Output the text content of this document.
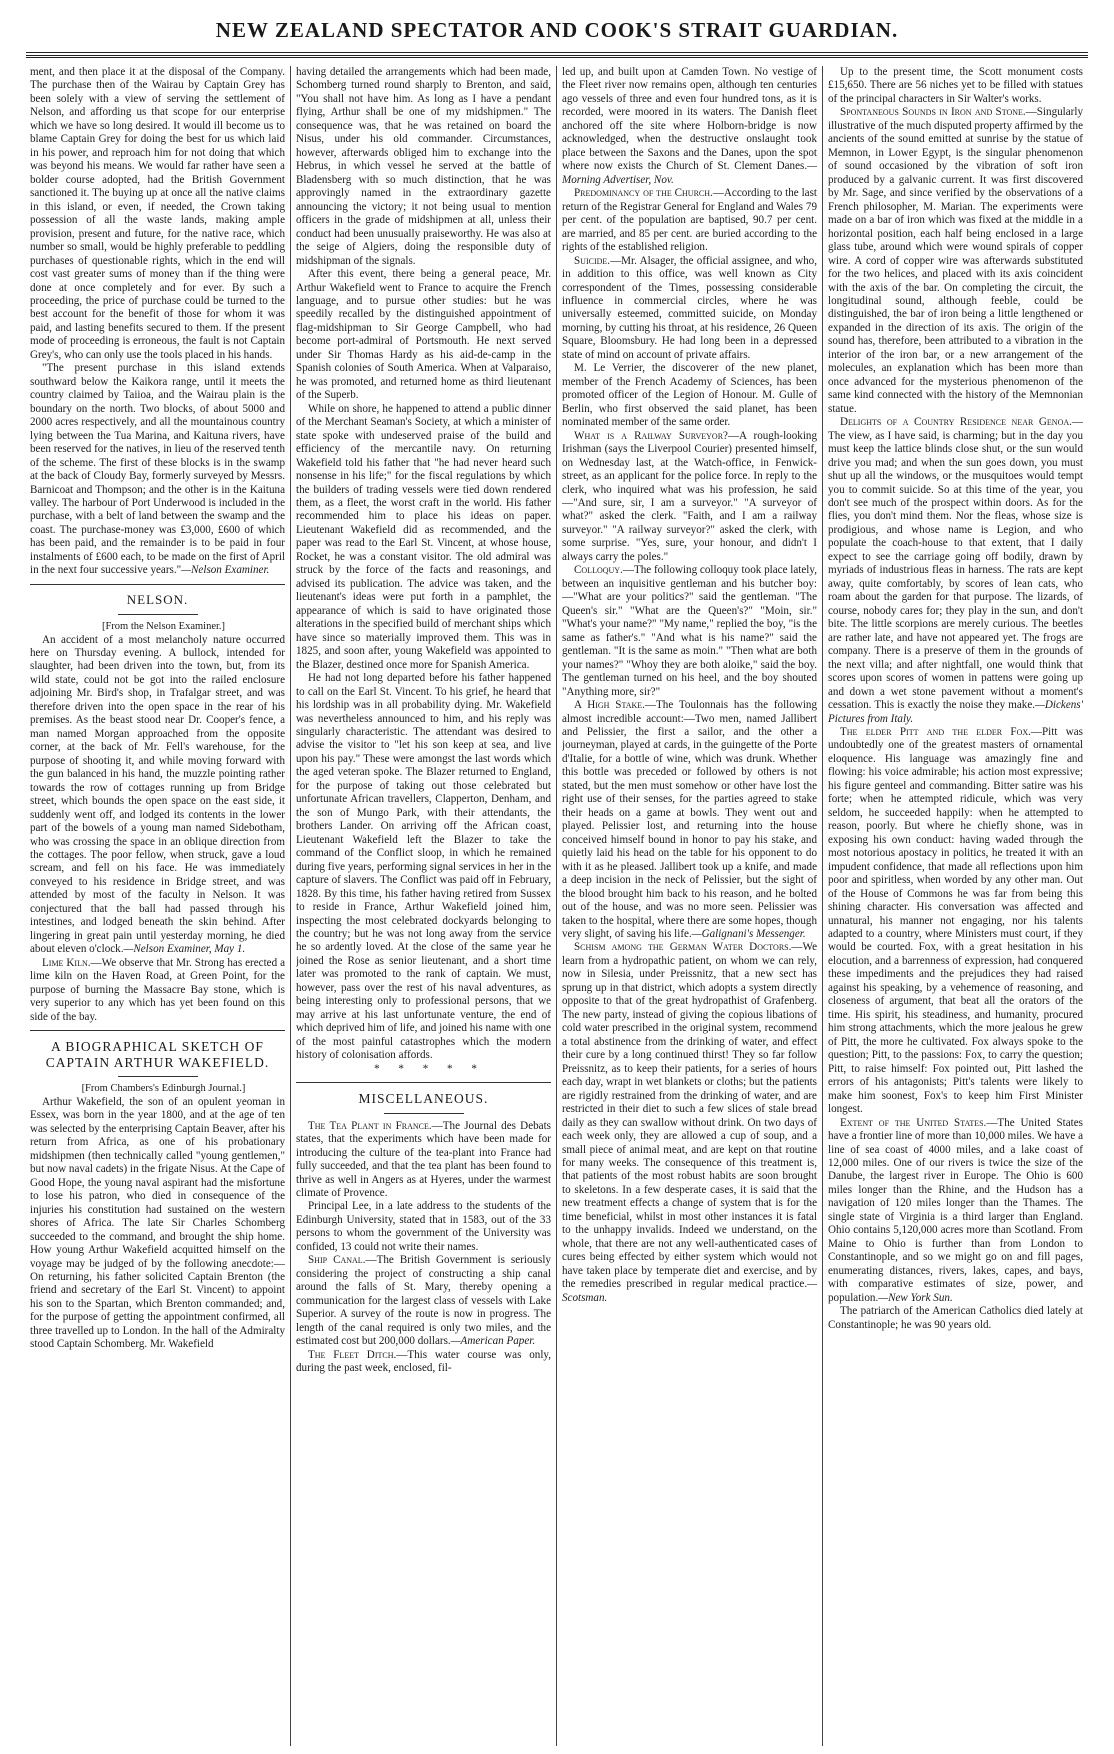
NEW ZEALAND SPECTATOR AND COOK'S STRAIT GUARDIAN.

ment, and then place it at the disposal of the Company. The purchase then of the Wairau by Captain Grey has been solely with a view of serving the settlement of Nelson, and affording us that scope for our enterprise which we have so long desired. It would ill become us to blame Captain Grey for doing the best for us which laid in his power, and reproach him for not doing that which was beyond his means. We would far rather have seen a bolder course adopted, had the British Government sanctioned it. The buying up at once all the native claims in this island, or even, if needed, the Crown taking possession of all the waste lands, making ample provision, present and future, for the native race, which number so small, would be highly preferable to peddling purchases of questionable rights, which in the end will cost vast greater sums of money than if the thing were done at once completely and for ever. By such a proceeding, the price of purchase could be turned to the best account for the benefit of those for whom it was paid, and lasting benefits secured to them. If the present mode of proceeding is erroneous, the fault is not Captain Grey's, who can only use the tools placed in his hands.

"The present purchase in this island extends southward below the Kaikora range, until it meets the country claimed by Taiioa, and the Wairau plain is the boundary on the north. Two blocks, of about 5000 and 2000 acres respectively, and all the mountainous country lying between the Tua Marina, and Kaituna rivers, have been reserved for the natives, in lieu of the reserved tenth of the scheme. The first of these blocks is in the swamp at the back of Cloudy Bay, formerly surveyed by Messrs. Barnicoat and Thompson; and the other is in the Kaituna valley. The harbour of Port Underwood is included in the purchase, with a belt of land between the swamp and the coast. The purchase-money was £3,000, £600 of which has been paid, and the remainder is to be paid in four instalments of £600 each, to be made on the first of April in the next four successive years."—Nelson Examiner.

NELSON.

[From the Nelson Examiner.]

An accident of a most melancholy nature occurred here on Thursday evening. A bullock, intended for slaughter, had been driven into the town, but, from its wild state, could not be got into the railed enclosure adjoining Mr. Bird's shop, in Trafalgar street, and was therefore driven into the open space in the rear of his premises. As the beast stood near Dr. Cooper's fence, a man named Morgan approached from the opposite corner, at the back of Mr. Fell's warehouse, for the purpose of shooting it, and while moving forward with the gun balanced in his hand, the muzzle pointing rather towards the row of cottages running up from Bridge street, which bounds the open space on the east side, it suddenly went off, and lodged its contents in the lower part of the bowels of a young man named Sidebotham, who was crossing the space in an oblique direction from the cottages. The poor fellow, when struck, gave a loud scream, and fell on his face. He was immediately conveyed to his residence in Bridge street, and was attended by most of the faculty in Nelson. It was conjectured that the ball had passed through his intestines, and lodged beneath the skin behind. After lingering in great pain until yesterday morning, he died about eleven o'clock.—Nelson Examiner, May 1.

Lime Kiln.—We observe that Mr. Strong has erected a lime kiln on the Haven Road, at Green Point, for the purpose of burning the Massacre Bay stone, which is very superior to any which has yet been found on this side of the bay.

A BIOGRAPHICAL SKETCH OF CAPTAIN ARTHUR WAKEFIELD.

[From Chambers's Edinburgh Journal.]

Arthur Wakefield, the son of an opulent yeoman in Essex, was born in the year 1800, and at the age of ten was selected by the enterprising Captain Beaver, after his return from Africa, as one of his probationary midshipmen (then technically called "young gentlemen," but now naval cadets) in the frigate Nisus. At the Cape of Good Hope, the young naval aspirant had the misfortune to lose his patron, who died in consequence of the injuries his constitution had sustained on the western shores of Africa. The late Sir Charles Schomberg succeeded to the command, and brought the ship home. How young Arthur Wakefield acquitted himself on the voyage may be judged of by the following anecdote:—On returning, his father solicited Captain Brenton (the friend and secretary of the Earl St. Vincent) to appoint his son to the Spartan, which Brenton commanded; and, for the purpose of getting the appointment confirmed, all three travelled up to London. In the hall of the Admiralty stood Captain Schomberg. Mr. Wakefield

having detailed the arrangements which had been made, Schomberg turned round sharply to Brenton, and said, "You shall not have him. As long as I have a pendant flying, Arthur shall be one of my midshipmen." The consequence was, that he was retained on board the Nisus, under his old commander. Circumstances, however, afterwards obliged him to exchange into the Hebrus, in which vessel he served at the battle of Bladensberg with so much distinction, that he was approvingly named in the extraordinary gazette announcing the victory; it not being usual to mention officers in the grade of midshipmen at all, unless their conduct had been unusually praiseworthy. He was also at the seige of Algiers, doing the responsible duty of midshipman of the signals.

After this event, there being a general peace, Mr. Arthur Wakefield went to France to acquire the French language, and to pursue other studies: but he was speedily recalled by the distinguished appointment of flag-midshipman to Sir George Campbell, who had become port-admiral of Portsmouth. He next served under Sir Thomas Hardy as his aid-de-camp in the Spanish colonies of South America. When at Valparaiso, he was promoted, and returned home as third lieutenant of the Superb.

While on shore, he happened to attend a public dinner of the Merchant Seaman's Society, at which a minister of state spoke with undeserved praise of the build and efficiency of the mercantile navy. On returning Wakefield told his father that "he had never heard such nonsense in his life;" for the fiscal regulations by which the builders of trading vessels were tied down rendered them, as a fleet, the worst craft in the world. His father recommended him to place his ideas on paper. Lieutenant Wakefield did as recommended, and the paper was read to the Earl St. Vincent, at whose house, Rocket, he was a constant visitor. The old admiral was struck by the force of the facts and reasonings, and advised its publication. The advice was taken, and the lieutenant's ideas were put forth in a pamphlet, the appearance of which is said to have originated those alterations in the specified build of merchant ships which have since so materially improved them. This was in 1825, and soon after, young Wakefield was appointed to the Blazer, destined once more for Spanish America.

He had not long departed before his father happened to call on the Earl St. Vincent. To his grief, he heard that his lordship was in all probability dying. Mr. Wakefield was nevertheless announced to him, and his reply was singularly characteristic. The attendant was desired to advise the visitor to "let his son keep at sea, and live upon his pay." These were amongst the last words which the aged veteran spoke. The Blazer returned to England, for the purpose of taking out those celebrated but unfortunate African travellers, Clapperton, Denham, and the son of Mungo Park, with their attendants, the brothers Lander. On arriving off the African coast, Lieutenant Wakefield left the Blazer to take the command of the Conflict sloop, in which he remained during five years, performing signal services in her in the capture of slavers. The Conflict was paid off in February, 1828. By this time, his father having retired from Sussex to reside in France, Arthur Wakefield joined him, inspecting the most celebrated dockyards belonging to the country; but he was not long away from the service he so ardently loved. At the close of the same year he joined the Rose as senior lieutenant, and a short time later was promoted to the rank of captain. We must, however, pass over the rest of his naval adventures, as being interesting only to professional persons, that we may arrive at his last unfortunate venture, the end of which deprived him of life, and joined his name with one of the most painful catastrophes which the modern history of colonisation affords.

* * * * *

MISCELLANEOUS.

The Tea Plant in France.—The Journal des Debats states, that the experiments which have been made for introducing the culture of the tea-plant into France had fully succeeded, and that the tea plant has been found to thrive as well in Angers as at Hyeres, under the warmest climate of Provence.

Principal Lee, in a late address to the students of the Edinburgh University, stated that in 1583, out of the 33 persons to whom the government of the University was confided, 13 could not write their names.

Ship Canal.—The British Government is seriously considering the project of constructing a ship canal around the falls of St. Mary, thereby opening a communication for the largest class of vessels with Lake Superior. A survey of the route is now in progress. The length of the canal required is only two miles, and the estimated cost but 200,000 dollars.—American Paper.

The Fleet Ditch.—This water course was only, during the past week, enclosed, fil-

led up, and built upon at Camden Town. No vestige of the Fleet river now remains open, although ten centuries ago vessels of three and even four hundred tons, as it is recorded, were moored in its waters. The Danish fleet anchored off the site where Holborn-bridge is now acknowledged, when the destructive onslaught took place between the Saxons and the Danes, upon the spot where now exists the Church of St. Clement Danes.—Morning Advertiser, Nov.

Predominancy of the Church.—According to the last return of the Registrar General for England and Wales 79 per cent. of the population are baptised, 90.7 per cent. are married, and 85 per cent. are buried according to the rights of the established religion.

Suicide.—Mr. Alsager, the official assignee, and who, in addition to this office, was well known as City correspondent of the Times, possessing considerable influence in commercial circles, where he was universally esteemed, committed suicide, on Monday morning, by cutting his throat, at his residence, 26 Queen Square, Bloomsbury. He had long been in a depressed state of mind on account of private affairs.

M. Le Verrier, the discoverer of the new planet, member of the French Academy of Sciences, has been promoted officer of the Legion of Honour. M. Gulle of Berlin, who first observed the said planet, has been nominated member of the same order.

What is a Railway Surveyor?—A rough-looking Irishman (says the Liverpool Courier) presented himself, on Wednesday last, at the Watch-office, in Fenwick-street, as an applicant for the police force. In reply to the clerk, who inquired what was his profession, he said—"And sure, sir, I am a surveyor." "A surveyor of what?" asked the clerk. "Faith, and I am a railway surveyor." "A railway surveyor?" asked the clerk, with some surprise. "Yes, sure, your honour, and didn't I always carry the poles."

Colloquy.—The following colloquy took place lately, between an inquisitive gentleman and his butcher boy:—"What are your politics?" said the gentleman. "The Queen's sir." "What are the Queen's?" "Moin, sir." "What's your name?" "My name," replied the boy, "is the same as father's." "And what is his name?" said the gentleman. "It is the same as moin." "Then what are both your names?" "Whoy they are both aloike," said the boy. The gentleman turned on his heel, and the boy shouted "Anything more, sir?"

A High Stake.—The Toulonnais has the following almost incredible account:—Two men, named Jallibert and Pelissier, the first a sailor, and the other a journeyman, played at cards, in the guingette of the Porte d'Italie, for a bottle of wine, which was drunk. Whether this bottle was preceded or followed by others is not stated, but the men must somehow or other have lost the right use of their senses, for the parties agreed to stake their heads on a game at bowls. They went out and played. Pelissier lost, and returning into the house conceived himself bound in honor to pay his stake, and quietly laid his head on the table for his opponent to do with it as he pleased. Jallibert took up a knife, and made a deep incision in the neck of Pelissier, but the sight of the blood brought him back to his reason, and he bolted out of the house, and was no more seen. Pelissier was taken to the hospital, where there are some hopes, though very slight, of saving his life.—Galignani's Messenger.

Schism among the German Water Doctors.—We learn from a hydropathic patient, on whom we can rely, now in Silesia, under Preissnitz, that a new sect has sprung up in that district, which adopts a system directly opposite to that of the great hydropathist of Grafenberg. The new party, instead of giving the copious libations of cold water prescribed in the original system, recommend a total abstinence from the drinking of water, and effect their cure by a long continued thirst! They so far follow Preissnitz, as to keep their patients, for a series of hours each day, wrapt in wet blankets or cloths; but the patients are rigidly restrained from the drinking of water, and are restricted in their diet to such a few slices of stale bread daily as they can swallow without drink. On two days of each week only, they are allowed a cup of soup, and a small piece of animal meat, and are kept on that routine for many weeks. The consequence of this treatment is, that patients of the most robust habits are soon brought to skeletons. In a few desperate cases, it is said that the new treatment effects a change of system that is for the time beneficial, whilst in most other instances it is fatal to the unhappy invalids. Indeed we understand, on the whole, that there are not any well-authenticated cases of cures being effected by either system which would not have taken place by temperate diet and exercise, and by the remedies prescribed in regular medical practice.—Scotsman.

Up to the present time, the Scott monument costs £15,650. There are 56 niches yet to be filled with statues of the principal characters in Sir Walter's works.

Spontaneous Sounds in Iron and Stone.—Singularly illustrative of the much disputed property affirmed by the ancients of the sound emitted at sunrise by the statue of Memnon, in Lower Egypt, is the singular phenomenon of sound occasioned by the vibration of soft iron produced by a galvanic current. It was first discovered by Mr. Sage, and since verified by the observations of a French philosopher, M. Marian. The experiments were made on a bar of iron which was fixed at the middle in a horizontal position, each half being enclosed in a large glass tube, around which were wound spirals of copper wire. A cord of copper wire was afterwards substituted for the two helices, and placed with its axis coincident with the axis of the bar. On completing the circuit, the longitudinal sound, although feeble, could be distinguished, the bar of iron being a little lengthened or expanded in the direction of its axis. The origin of the sound has, therefore, been attributed to a vibration in the interior of the iron bar, or a new arrangement of the molecules, an explanation which has been more than once advanced for the mysterious phenomenon of the same kind connected with the history of the Memnonian statue.

Delights of a Country Residence near Genoa.—The view, as I have said, is charming; but in the day you must keep the lattice blinds close shut, or the sun would drive you mad; and when the sun goes down, you must shut up all the windows, or the musquitoes would tempt you to commit suicide. So at this time of the year, you don't see much of the prospect within doors. As for the flies, you don't mind them. Nor the fleas, whose size is prodigious, and whose name is Legion, and who populate the coach-house to that extent, that I daily expect to see the carriage going off bodily, drawn by myriads of industrious fleas in harness. The rats are kept away, quite comfortably, by scores of lean cats, who roam about the garden for that purpose. The lizards, of course, nobody cares for; they play in the sun, and don't bite. The little scorpions are merely curious. The beetles are rather late, and have not appeared yet. The frogs are company. There is a preserve of them in the grounds of the next villa; and after nightfall, one would think that scores upon scores of women in pattens were going up and down a wet stone pavement without a moment's cessation. This is exactly the noise they make.—Dickens' Pictures from Italy.

The elder Pitt and the elder Fox.—Pitt was undoubtedly one of the greatest masters of ornamental eloquence. His language was amazingly fine and flowing: his voice admirable; his action most expressive; his figure genteel and commanding. Bitter satire was his forte; when he attempted ridicule, which was very seldom, he succeeded happily: when he attempted to reason, poorly. But where he chiefly shone, was in exposing his own conduct: having waded through the most notorious apostacy in politics, he treated it with an impudent confidence, that made all reflections upon him poor and spiritless, when worded by any other man. Out of the House of Commons he was far from being this shining character. His conversation was affected and unnatural, his manner not engaging, nor his talents adapted to a country, where Ministers must court, if they would be courted. Fox, with a great hesitation in his elocution, and a barrenness of expression, had conquered these impediments and the prejudices they had raised against his speaking, by a vehemence of reasoning, and closeness of argument, that beat all the orators of the time. His spirit, his steadiness, and humanity, procured him strong attachments, which the more jealous he grew of Pitt, the more he cultivated. Fox always spoke to the question; Pitt, to the passions: Fox, to carry the question; Pitt, to raise himself: Fox pointed out, Pitt lashed the errors of his antagonists; Pitt's talents were likely to make him soonest, Fox's to keep him First Minister longest.

Extent of the United States.—The United States have a frontier line of more than 10,000 miles. We have a line of sea coast of 4000 miles, and a lake coast of 12,000 miles. One of our rivers is twice the size of the Danube, the largest river in Europe. The Ohio is 600 miles longer than the Rhine, and the Hudson has a navigation of 120 miles longer than the Thames. The single state of Virginia is a third larger than England. Ohio contains 5,120,000 acres more than Scotland. From Maine to Ohio is further than from London to Constantinople, and so we might go on and fill pages, enumerating distances, rivers, lakes, capes, and bays, with comparative estimates of size, power, and population.—New York Sun.

The patriarch of the American Catholics died lately at Constantinople; he was 90 years old.
